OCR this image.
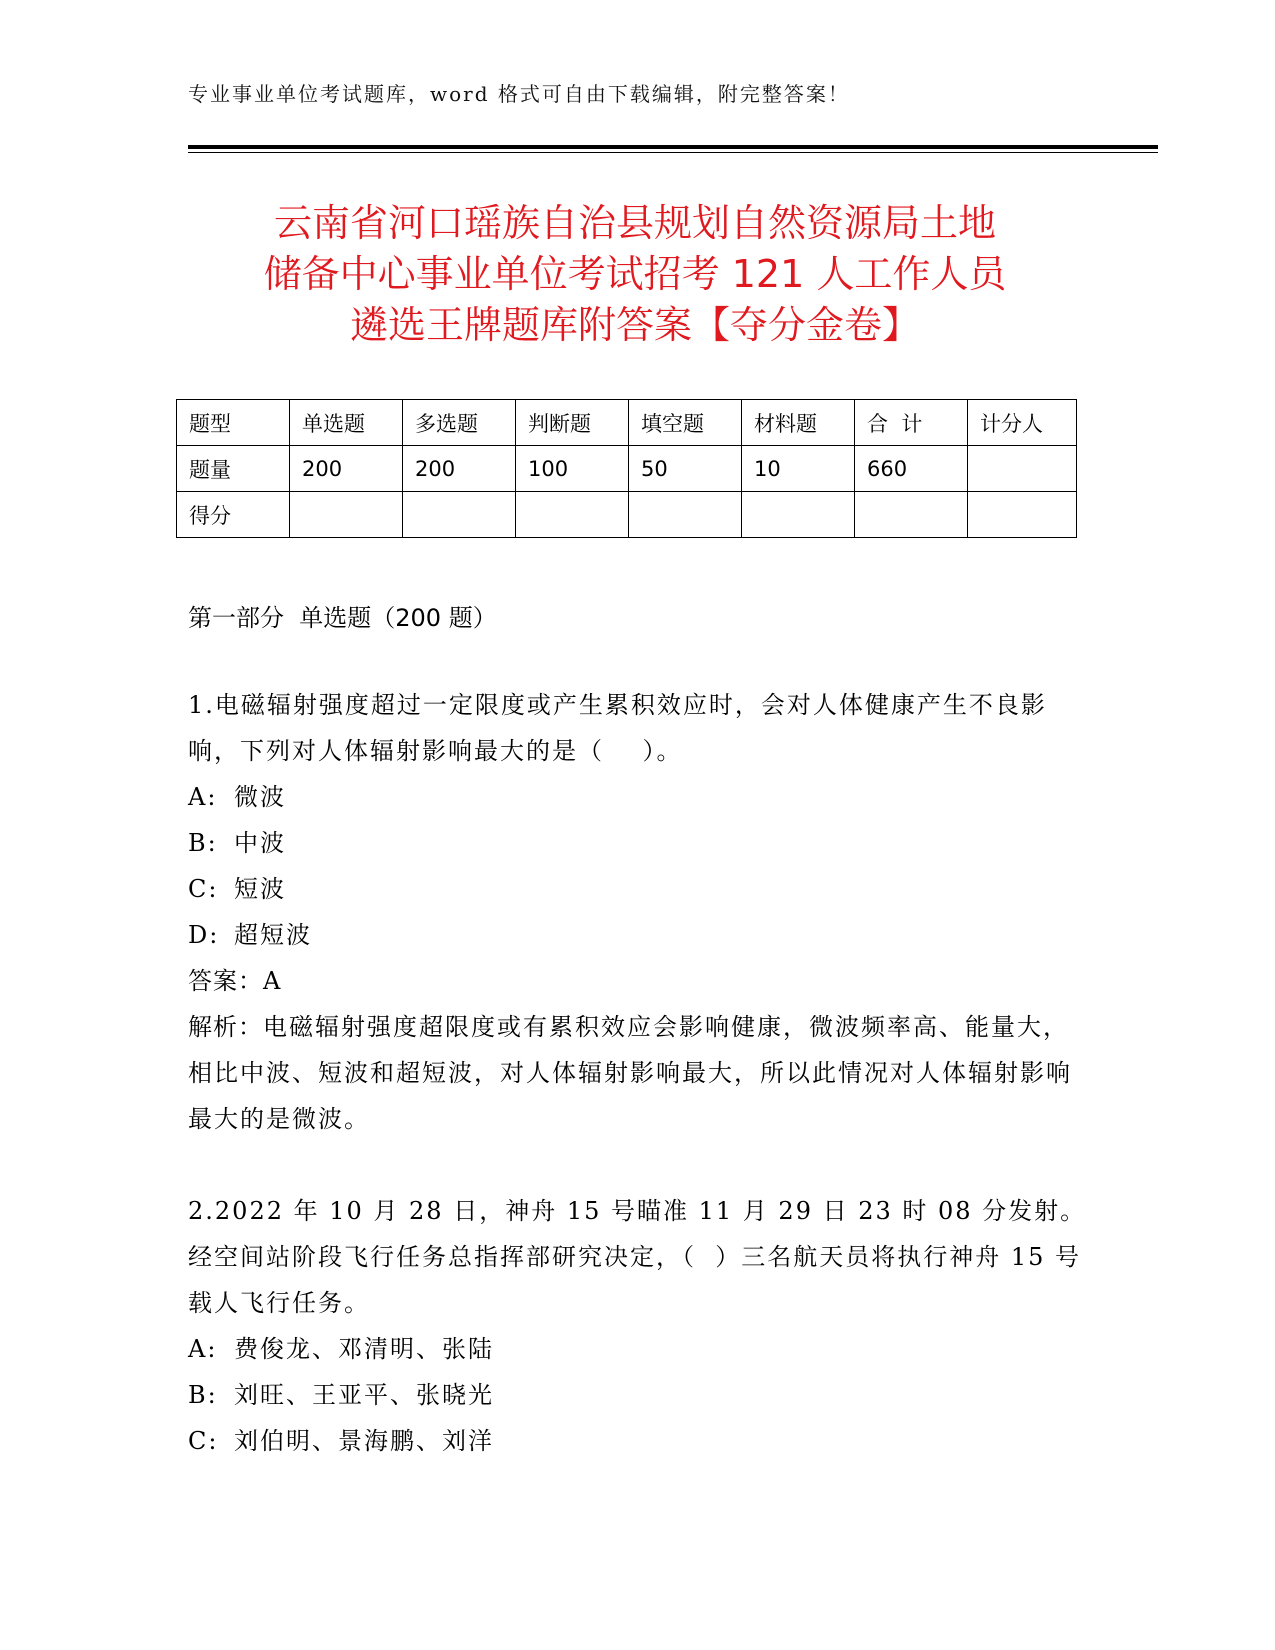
专业事业单位考试题库，word 格式可自由下载编辑，附完整答案！
云南省河口瑶族自治县规划自然资源局土地
储备中心事业单位考试招考 121 人工作人员
遴选王牌题库附答案【夺分金卷】
题型	单选题	多选题	判断题	填空题	材料题	合  计	计分人
题量	200	200	100	50	10	660	
得分							
第一部分  单选题（200 题）

1.电磁辐射强度超过一定限度或产生累积效应时，会对人体健康产生不良影响，下列对人体辐射影响最大的是（    ）。

A: 微波

B: 中波

C: 短波

D: 超短波

答案：A

解析：电磁辐射强度超限度或有累积效应会影响健康，微波频率高、能量大，相比中波、短波和超短波，对人体辐射影响最大，所以此情况对人体辐射影响最大的是微波。

2.2022 年 10 月 28 日，神舟 15 号瞄准 11 月 29 日 23 时 08 分发射。经空间站阶段飞行任务总指挥部研究决定，（  ）三名航天员将执行神舟 15 号载人飞行任务。

A: 费俊龙、邓清明、张陆

B: 刘旺、王亚平、张晓光

C: 刘伯明、景海鹏、刘洋
